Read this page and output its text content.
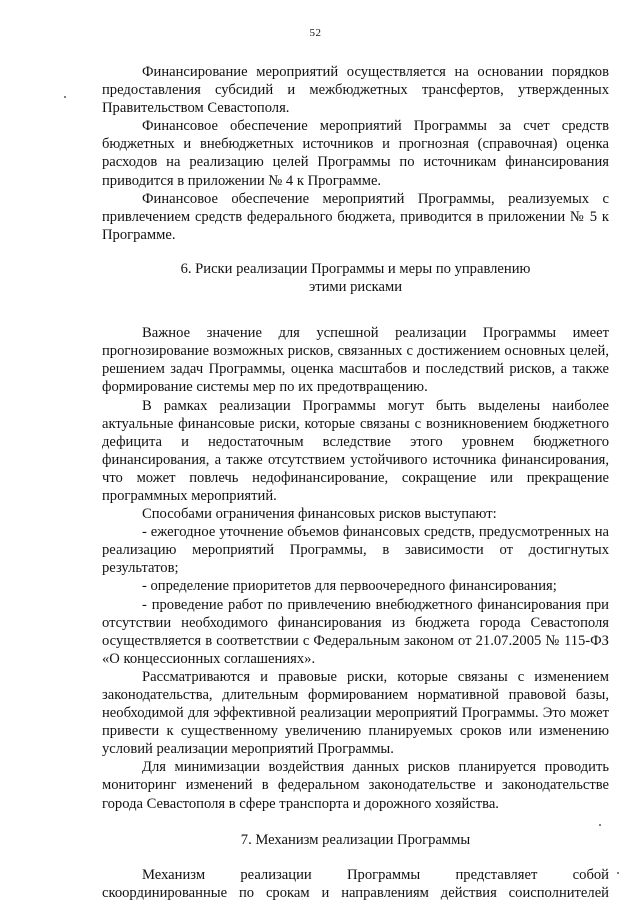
52

Финансирование мероприятий осуществляется на основании порядков предоставления субсидий и межбюджетных трансфертов, утвержденных Правительством Севастополя.

Финансовое обеспечение мероприятий Программы за счет средств бюджетных и внебюджетных источников и прогнозная (справочная) оценка расходов на реализацию целей Программы по источникам финансирования приводится в приложении № 4 к Программе.

Финансовое обеспечение мероприятий Программы, реализуемых с привлечением средств федерального бюджета, приводится в приложении № 5 к Программе.

6. Риски реализации Программы и меры по управлению

этими рисками

Важное значение для успешной реализации Программы имеет прогнозирование возможных рисков, связанных с достижением основных целей, решением задач Программы, оценка масштабов и последствий рисков, а также формирование системы мер по их предотвращению.

В рамках реализации Программы могут быть выделены наиболее актуальные финансовые риски, которые связаны с возникновением бюджетного дефицита и недостаточным вследствие этого уровнем бюджетного финансирования, а также отсутствием устойчивого источника финансирования, что может повлечь недофинансирование, сокращение или прекращение программных мероприятий.

Способами ограничения финансовых рисков выступают:

- ежегодное уточнение объемов финансовых средств, предусмотренных на реализацию мероприятий Программы, в зависимости от достигнутых результатов;

- определение приоритетов для первоочередного финансирования;

- проведение работ по привлечению внебюджетного финансирования при отсутствии необходимого финансирования из бюджета города Севастополя осуществляется в соответствии с Федеральным законом от 21.07.2005 № 115-ФЗ «О концессионных соглашениях».

Рассматриваются и правовые риски, которые связаны с изменением законодательства, длительным формированием нормативной правовой базы, необходимой для эффективной реализации мероприятий Программы. Это может привести к существенному увеличению планируемых сроков или изменению условий реализации мероприятий Программы.

Для минимизации воздействия данных рисков планируется проводить мониторинг изменений в федеральном законодательстве и законодательстве города Севастополя в сфере транспорта и дорожного хозяйства.

7. Механизм реализации Программы

Механизм реализации Программы представляет собой скоординированные по срокам и направлениям действия соисполнителей
